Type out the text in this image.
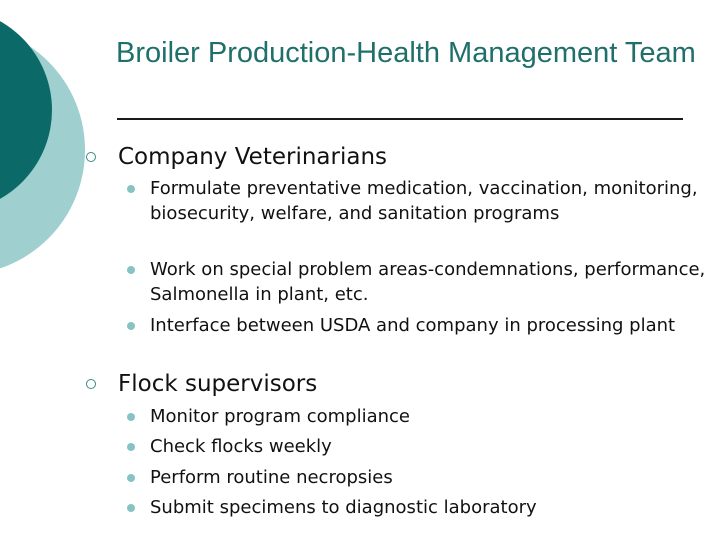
Broiler Production-Health Management Team
Company Veterinarians
Formulate preventative medication, vaccination, monitoring, biosecurity, welfare, and sanitation programs
Work on special problem areas-condemnations, performance, Salmonella in plant, etc.
Interface between USDA and company in processing plant
Flock supervisors
Monitor program compliance
Check flocks weekly
Perform routine necropsies
Submit specimens to diagnostic laboratory
